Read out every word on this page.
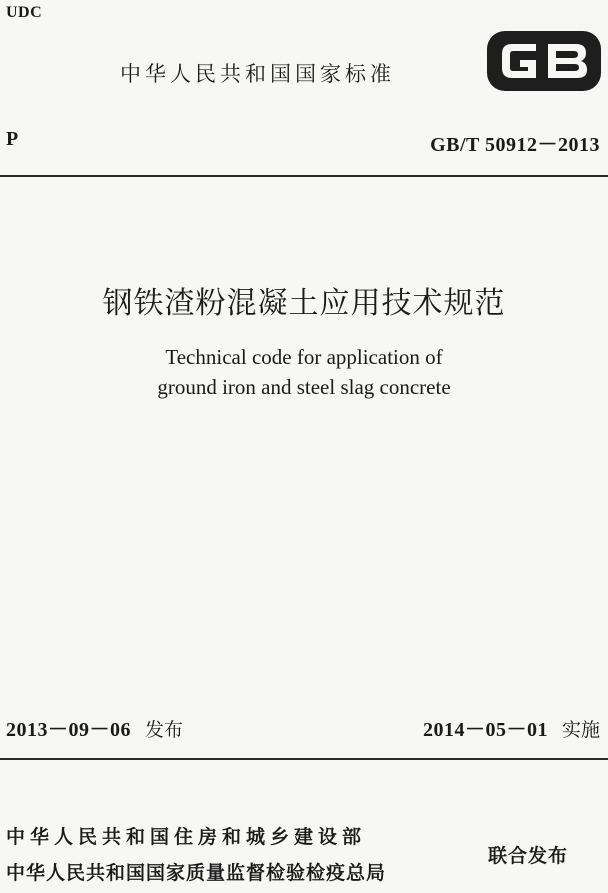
UDC
中华人民共和国国家标准
P	GB/T 50912－2013
钢铁渣粉混凝土应用技术规范
Technical code for application of
ground iron and steel slag concrete
2013－09－06 发布	2014－05－01 实施
中华人民共和国住房和城乡建设部
中华人民共和国国家质量监督检验检疫总局
联合发布
